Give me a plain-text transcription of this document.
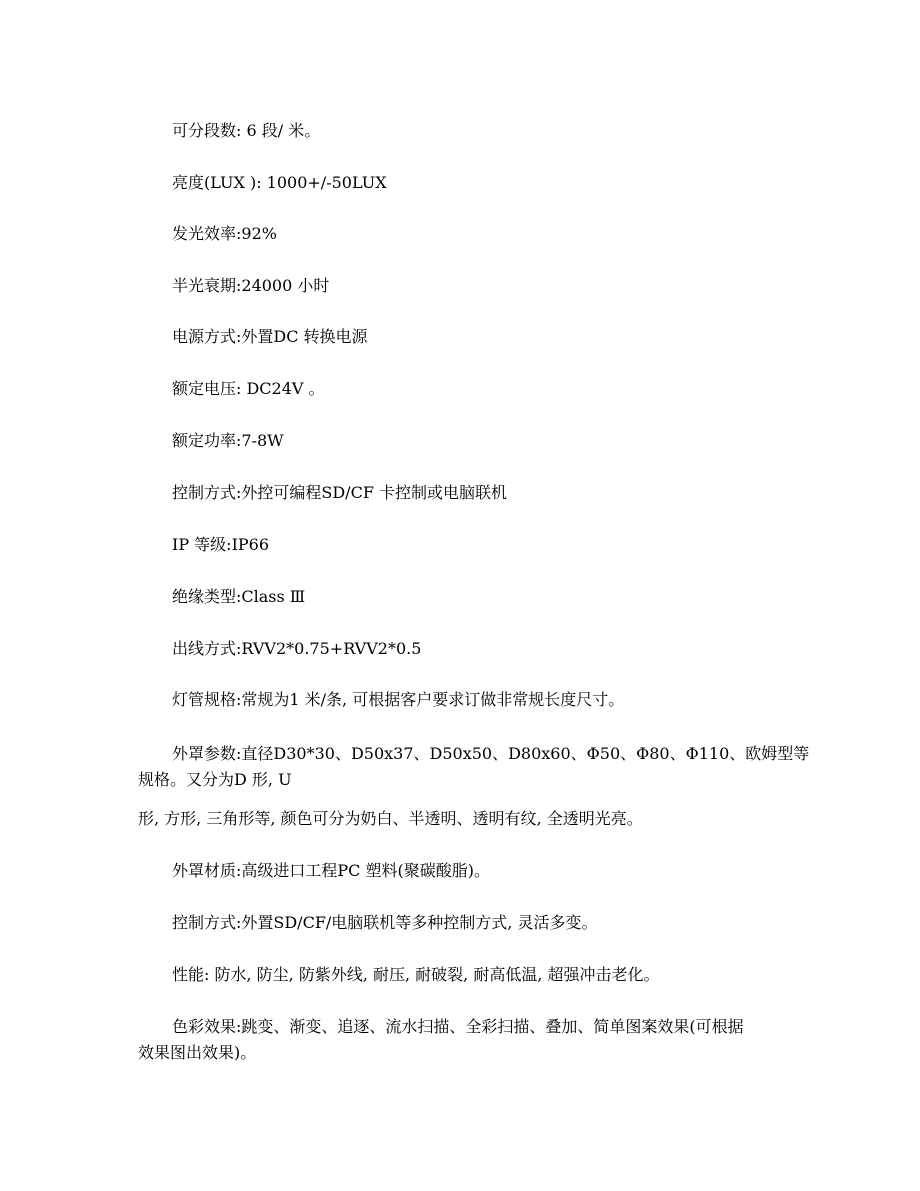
可分段数: 6 段/ 米。
亮度(LUX ): 1000+/-50LUX
发光效率:92%
半光衰期:24000 小时
电源方式:外置DC 转换电源
额定电压: DC24V 。
额定功率:7-8W
控制方式:外控可编程SD/CF 卡控制或电脑联机
IP 等级:IP66
绝缘类型:Class Ⅲ
出线方式:RVV2*0.75+RVV2*0.5
灯管规格:常规为1 米/条, 可根据客户要求订做非常规长度尺寸。
外罩参数:直径D30*30、D50x37、D50x50、D80x60、Φ50、Φ80、Φ110、欧姆型等
规格。又分为D 形, U
形, 方形, 三角形等, 颜色可分为奶白、半透明、透明有纹, 全透明光亮。
外罩材质:高级进口工程PC 塑料(聚碳酸脂)。
控制方式:外置SD/CF/电脑联机等多种控制方式, 灵活多变。
性能: 防水, 防尘, 防紫外线, 耐压, 耐破裂, 耐高低温, 超强冲击老化。
色彩效果:跳变、渐变、追逐、流水扫描、全彩扫描、叠加、简单图案效果(可根据
效果图出效果)。
